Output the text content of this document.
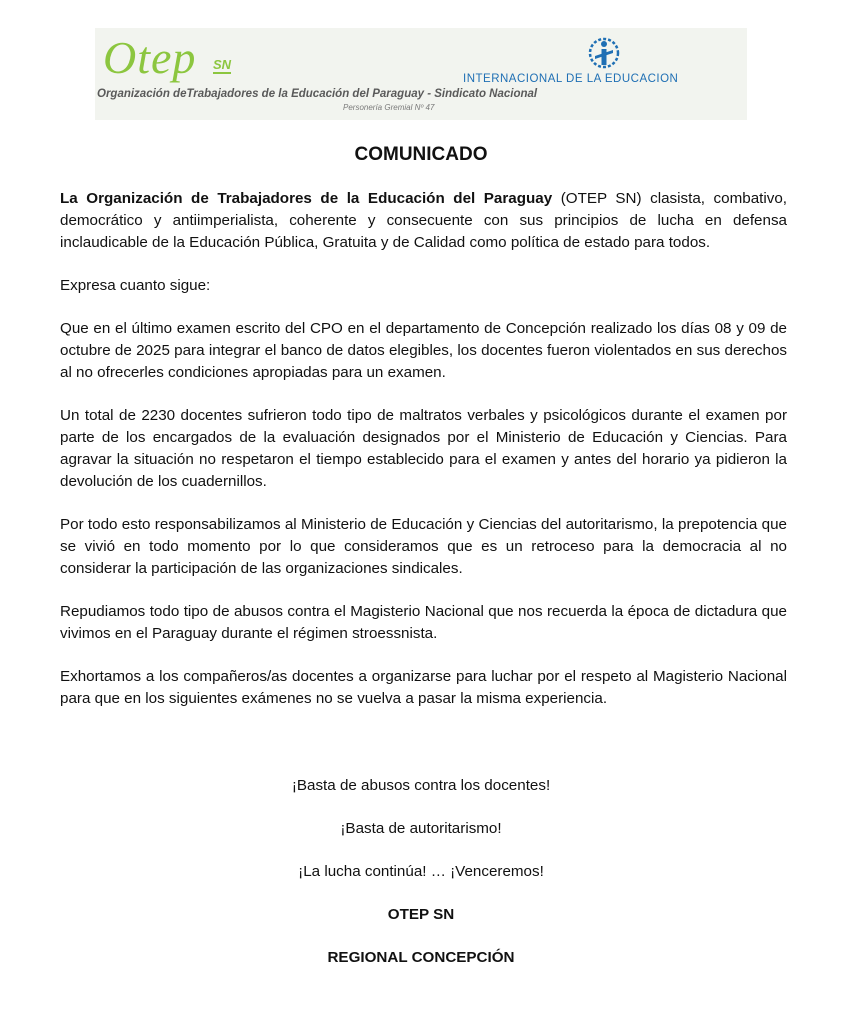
Otep SN
INTERNACIONAL DE LA EDUCACION
Organización deTrabajadores de la Educación del Paraguay - Sindicato Nacional
Personería Gremial Nº 47
COMUNICADO

La Organización de Trabajadores de la Educación del Paraguay (OTEP SN) clasista, combativo, democrático y antiimperialista, coherente y consecuente con sus principios de lucha en defensa inclaudicable de la Educación Pública, Gratuita y de Calidad como política de estado para todos.

Expresa cuanto sigue:

Que en el último examen escrito del CPO en el departamento de Concepción realizado los días 08 y 09 de octubre de 2025 para integrar el banco de datos elegibles, los docentes fueron violentados en sus derechos al no ofrecerles condiciones apropiadas para un examen.

Un total de 2230 docentes sufrieron todo tipo de maltratos verbales y psicológicos durante el examen por parte de los encargados de la evaluación designados por el Ministerio de Educación y Ciencias. Para agravar la situación no respetaron el tiempo establecido para el examen y antes del horario ya pidieron la devolución de los cuadernillos.

Por todo esto responsabilizamos al Ministerio de Educación y Ciencias del autoritarismo, la prepotencia que se vivió en todo momento por lo que consideramos que es un retroceso para la democracia al no considerar la participación de las organizaciones sindicales.

Repudiamos todo tipo de abusos contra el Magisterio Nacional que nos recuerda la época de dictadura que vivimos en el Paraguay durante el régimen stroessnista.

Exhortamos a los compañeros/as docentes a organizarse para luchar por el respeto al Magisterio Nacional para que en los siguientes exámenes no se vuelva a pasar la misma experiencia.

¡Basta de abusos contra los docentes!

¡Basta de autoritarismo!

¡La lucha continúa! … ¡Venceremos!

OTEP SN

REGIONAL CONCEPCIÓN
